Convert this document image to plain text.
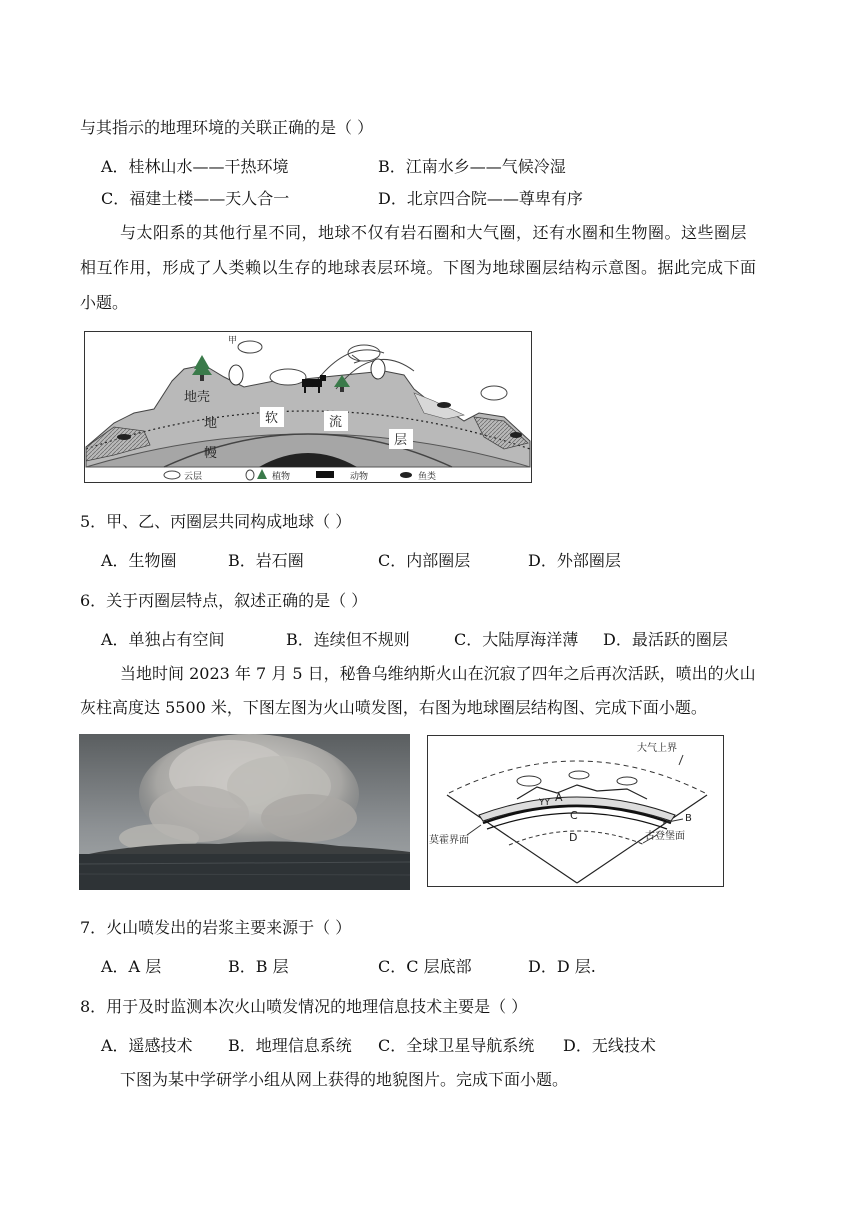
与其指示的地理环境的关联正确的是（ ）
A．桂林山水——干热环境	B．江南水乡——气候冷湿
C．福建土楼——天人合一	D．北京四合院——尊卑有序
与太阳系的其他行星不同，地球不仅有岩石圈和大气圈，还有水圈和生物圈。这些圈层
相互作用，形成了人类赖以生存的地球表层环境。下图为地球圈层结构示意图。据此完成下面
小题。
甲
地壳
地
幔
软	流
层
云层	植物	动物	鱼类
5．甲、乙、丙圈层共同构成地球（ ）
A．生物圈	B．岩石圈	C．内部圈层	D．外部圈层
6．关于丙圈层特点，叙述正确的是（ ）
A．单独占有空间	B．连续但不规则	C．大陆厚海洋薄 D．最活跃的圈层
当地时间 2023 年 7 月 5 日，秘鲁乌维纳斯火山在沉寂了四年之后再次活跃，喷出的火山
灰柱高度达 5500 米，下图左图为火山喷发图，右图为地球圈层结构图、完成下面小题。
大气上界
YY A
B
C
D
莫霍界面	古登堡面
7．火山喷发出的岩浆主要来源于（ ）
A．A 层	B．B 层	C．C 层底部	D．D 层.
8．用于及时监测本次火山喷发情况的地理信息技术主要是（ ）
A．遥感技术 B．地理信息系统 C．全球卫星导航系统 D．无线技术
下图为某中学研学小组从网上获得的地貌图片。完成下面小题。
